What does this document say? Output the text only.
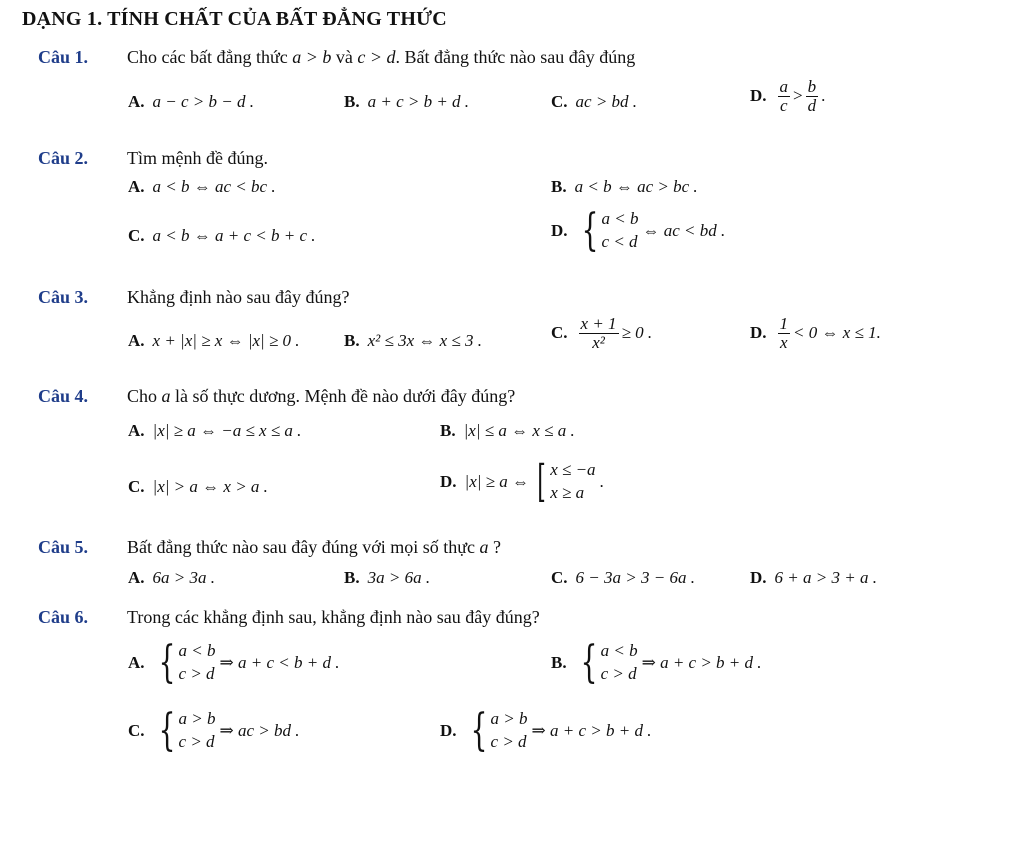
DẠNG 1. TÍNH CHẤT CỦA BẤT ĐẲNG THỨC
Câu 1. Cho các bất đẳng thức a > b và c > d. Bất đẳng thức nào sau đây đúng
A. a − c > b − d .	B. a + c > b + d .	C. ac > bd .	D. $\frac{a}{c} > \frac{b}{d}$ .
Câu 2. Tìm mệnh đề đúng.
A. a < b ⇔ ac < bc .	B. a < b ⇔ ac > bc .
C. a < b ⇔ a + c < b + c .	D. { a < b
c < d
⇔ ac < bd .
Câu 3. Khẳng định nào sau đây đúng?
A. x + |x| ≥ x ⇔ |x| ≥ 0 .	B. x² ≤ 3x ⇔ x ≤ 3 .	C. $\frac{x + 1}{\text{x²}} \ge 0$ .	D. $\frac{1}{x} < 0$ ⇔ x ≤ 1.
Câu 4. Cho a là số thực dương. Mệnh đề nào dưới đây đúng?
A. |x| ≥ a ⇔ −a ≤ x ≤ a .	B. |x| ≤ a ⇔ x ≤ a .
C. |x| > a ⇔ x > a .	D. |x| ≥ a ⇔ [ x ≤ −a
x ≥ a
.
Câu 5. Bất đẳng thức nào sau đây đúng với mọi số thực a ?
A. 6a > 3a .	B. 3a > 6a .	C. 6 − 3a > 3 − 6a .	D. 6 + a > 3 + a .
Câu 6. Trong các khẳng định sau, khẳng định nào sau đây đúng?
A. { a < b
c > d
⇒ a + c < b + d .	B. { a < b
c > d
⇒ a + c > b + d .
C. { a > b
c > d
⇒ ac > bd .	D. { a > b
c > d
⇒ a + c > b + d .
